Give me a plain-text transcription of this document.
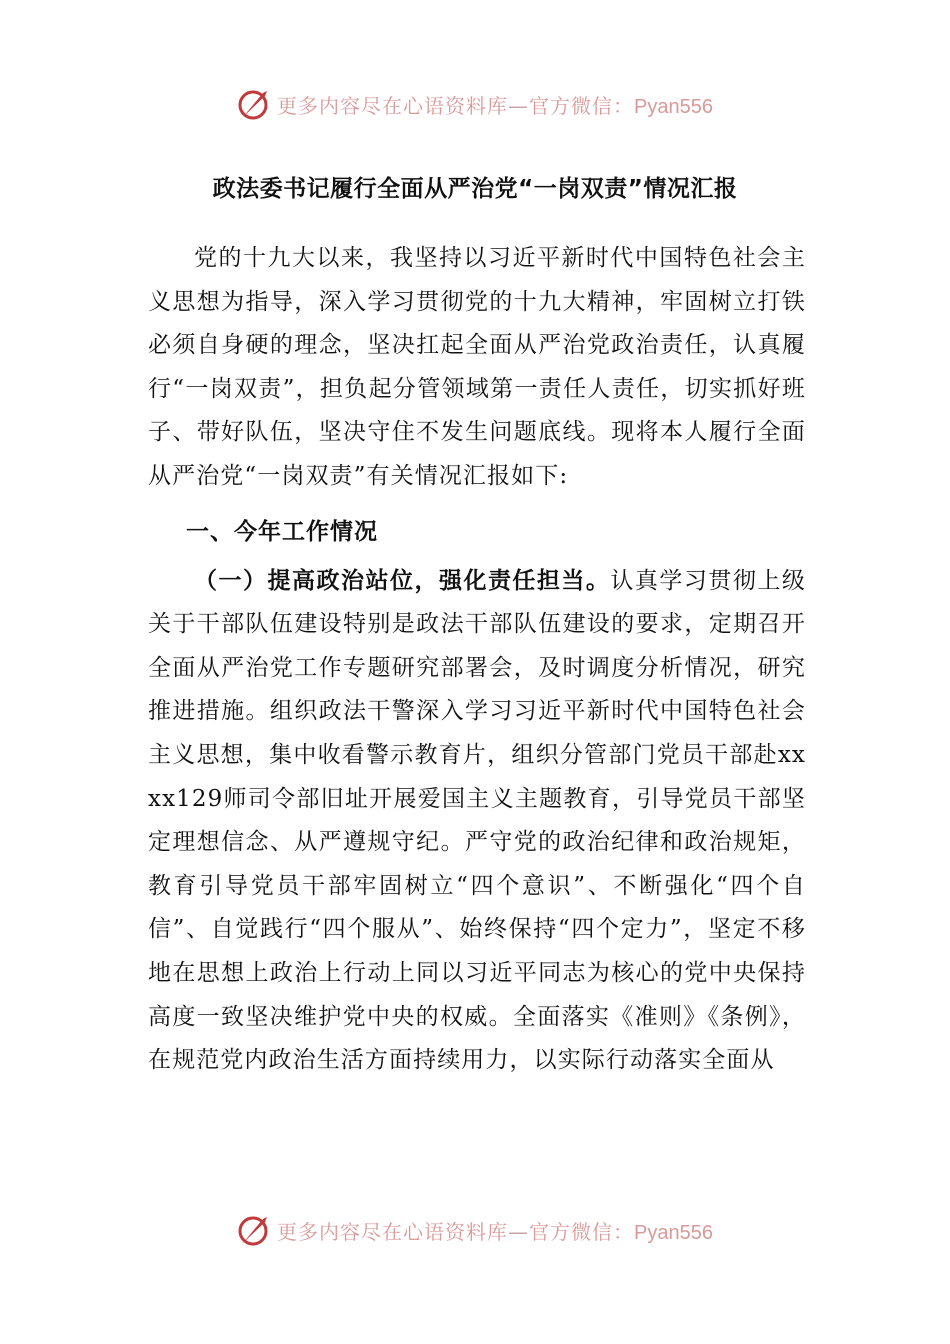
更多内容尽在心语资料库—官方微信：Pyan556
政法委书记履行全面从严治党“一岗双责”情况汇报

党的十九大以来，我坚持以习近平新时代中国特色社会主义思想为指导，深入学习贯彻党的十九大精神，牢固树立打铁必须自身硬的理念，坚决扛起全面从严治党政治责任，认真履行“一岗双责”，担负起分管领域第一责任人责任，切实抓好班子、带好队伍，坚决守住不发生问题底线。现将本人履行全面从严治党“一岗双责”有关情况汇报如下:

一、今年工作情况

（一）提高政治站位，强化责任担当。认真学习贯彻上级关于干部队伍建设特别是政法干部队伍建设的要求，定期召开全面从严治党工作专题研究部署会，及时调度分析情况，研究推进措施。组织政法干警深入学习习近平新时代中国特色社会主义思想，集中收看警示教育片，组织分管部门党员干部赴xxxx129师司令部旧址开展爱国主义主题教育，引导党员干部坚定理想信念、从严遵规守纪。严守党的政治纪律和政治规矩，教育引导党员干部牢固树立“四个意识”、不断强化“四个自信”、自觉践行“四个服从”、始终保持“四个定力”，坚定不移地在思想上政治上行动上同以习近平同志为核心的党中央保持高度一致坚决维护党中央的权威。全面落实《准则》《条例》，在规范党内政治生活方面持续用力，以实际行动落实全面从

更多内容尽在心语资料库—官方微信：Pyan556
